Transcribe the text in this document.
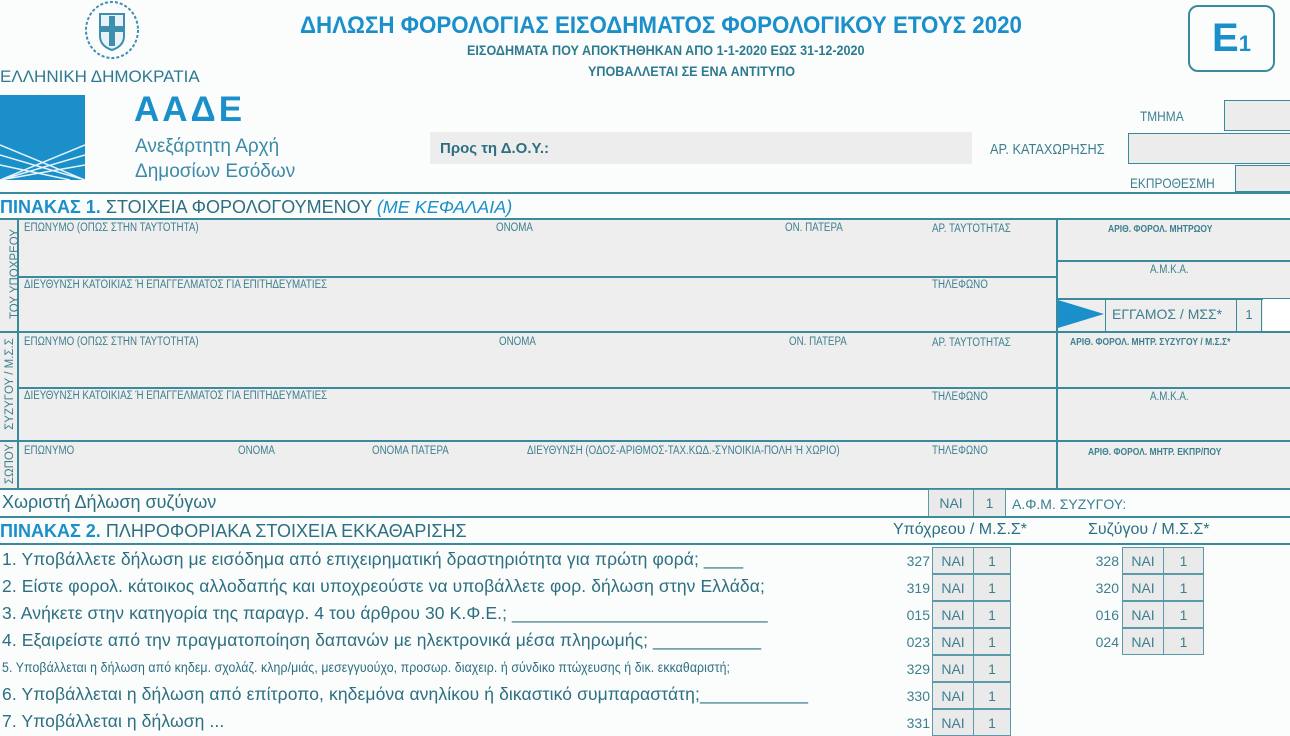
ΕΛΛΗΝΙΚΗ ΔΗΜΟΚΡΑΤΙΑ
ΑΑΔΕ
Ανεξάρτητη Αρχή
Δημοσίων Εσόδων
ΔΗΛΩΣΗ ΦΟΡΟΛΟΓΙΑΣ ΕΙΣΟΔΗΜΑΤΟΣ ΦΟΡΟΛΟΓΙΚΟΥ ΕΤΟΥΣ 2020
ΕΙΣΟΔΗΜΑΤΑ ΠΟΥ ΑΠΟΚΤΗΘΗΚΑΝ ΑΠΟ 1-1-2020 ΕΩΣ 31-12-2020
ΥΠΟΒΑΛΛΕΤΑΙ ΣΕ ΕΝΑ ΑΝΤΙΤΥΠΟ
E1
ΤΜΗΜΑ
Προς τη Δ.Ο.Υ.:	ΑΡ. ΚΑΤΑΧΩΡΗΣΗΣ
ΕΚΠΡΟΘΕΣΜΗ
ΠΙΝΑΚΑΣ 1. ΣΤΟΙΧΕΙΑ ΦΟΡΟΛΟΓΟΥΜΕΝΟΥ (ΜΕ ΚΕΦΑΛΑΙΑ)
ΤΟΥ ΥΠΟΧΡΕΟΥ
ΣΥΖΥΓΟΥ / Μ.Σ.Σ
ΣΩΠΟΥ
ΕΠΩΝΥΜΟ (ΟΠΩΣ ΣΤΗΝ ΤΑΥΤΟΤΗΤΑ)	ΟΝΟΜΑ	ΟΝ. ΠΑΤΕΡΑ	ΑΡ. ΤΑΥΤΟΤΗΤΑΣ
ΔΙΕΥΘΥΝΣΗ ΚΑΤΟΙΚΙΑΣ Ή ΕΠΑΓΓΕΛΜΑΤΟΣ ΓΙΑ ΕΠΙΤΗΔΕΥΜΑΤΙΕΣ	ΤΗΛΕΦΩΝΟ
ΑΡΙΘ. ΦΟΡΟΛ. ΜΗΤΡΩΟΥ
Α.Μ.Κ.Α.
ΕΓΓΑΜΟΣ / ΜΣΣ*	1
ΕΠΩΝΥΜΟ (ΟΠΩΣ ΣΤΗΝ ΤΑΥΤΟΤΗΤΑ)	ΟΝΟΜΑ	ΟΝ. ΠΑΤΕΡΑ	ΑΡ. ΤΑΥΤΟΤΗΤΑΣ	ΑΡΙΘ. ΦΟΡΟΛ. ΜΗΤΡ. ΣΥΖΥΓΟΥ / Μ.Σ.Σ*
ΔΙΕΥΘΥΝΣΗ ΚΑΤΟΙΚΙΑΣ Ή ΕΠΑΓΓΕΛΜΑΤΟΣ ΓΙΑ ΕΠΙΤΗΔΕΥΜΑΤΙΕΣ	ΤΗΛΕΦΩΝΟ	Α.Μ.Κ.Α.
ΕΠΩΝΥΜΟ	ΟΝΟΜΑ	ΟΝΟΜΑ ΠΑΤΕΡΑ	ΔΙΕΥΘΥΝΣΗ (ΟΔΟΣ-ΑΡΙΘΜΟΣ-ΤΑΧ.ΚΩΔ.-ΣΥΝΟΙΚΙΑ-ΠΟΛΗ Ή ΧΩΡΙΟ)	ΤΗΛΕΦΩΝΟ	ΑΡΙΘ. ΦΟΡΟΛ. ΜΗΤΡ. ΕΚΠΡ/ΠΟΥ
Χωριστή Δήλωση συζύγων	ΝΑΙ	1	Α.Φ.Μ. ΣΥΖΥΓΟΥ:
ΠΙΝΑΚΑΣ 2. ΠΛΗΡΟΦΟΡΙΑΚΑ ΣΤΟΙΧΕΙΑ ΕΚΚΑΘΑΡΙΣΗΣ	Υπόχρεου / Μ.Σ.Σ*	Συζύγου / Μ.Σ.Σ*
1. Υποβάλλετε δήλωση με εισόδημα από επιχειρηματική δραστηριότητα για πρώτη φορά; ____	327 ΝΑΙ	1	328 ΝΑΙ	1
2. Είστε φορολ. κάτοικος αλλοδαπής και υποχρεούστε να υποβάλλετε φορ. δήλωση στην Ελλάδα;	319 ΝΑΙ	1	320 ΝΑΙ	1
3. Ανήκετε στην κατηγορία της παραγρ. 4 του άρθρου 30 Κ.Φ.Ε.; __________________________	015 ΝΑΙ	1	016 ΝΑΙ	1
4. Εξαιρείστε από την πραγματοποίηση δαπανών με ηλεκτρονικά μέσα πληρωμής; ___________	023 ΝΑΙ	1	024 ΝΑΙ	1
5. Υποβάλλεται η δήλωση από κηδεμ. σχολάζ. κληρ/μιάς, μεσεγγυούχο, προσωρ. διαχειρ. ή σύνδικο πτώχευσης ή δικ. εκκαθαριστή;	329 ΝΑΙ	1
6. Υποβάλλεται η δήλωση από επίτροπο, κηδεμόνα ανηλίκου ή δικαστικό συμπαραστάτη;___________	330 ΝΑΙ	1
7. Υποβάλλεται η δήλωση ...	331 ΝΑΙ	1
